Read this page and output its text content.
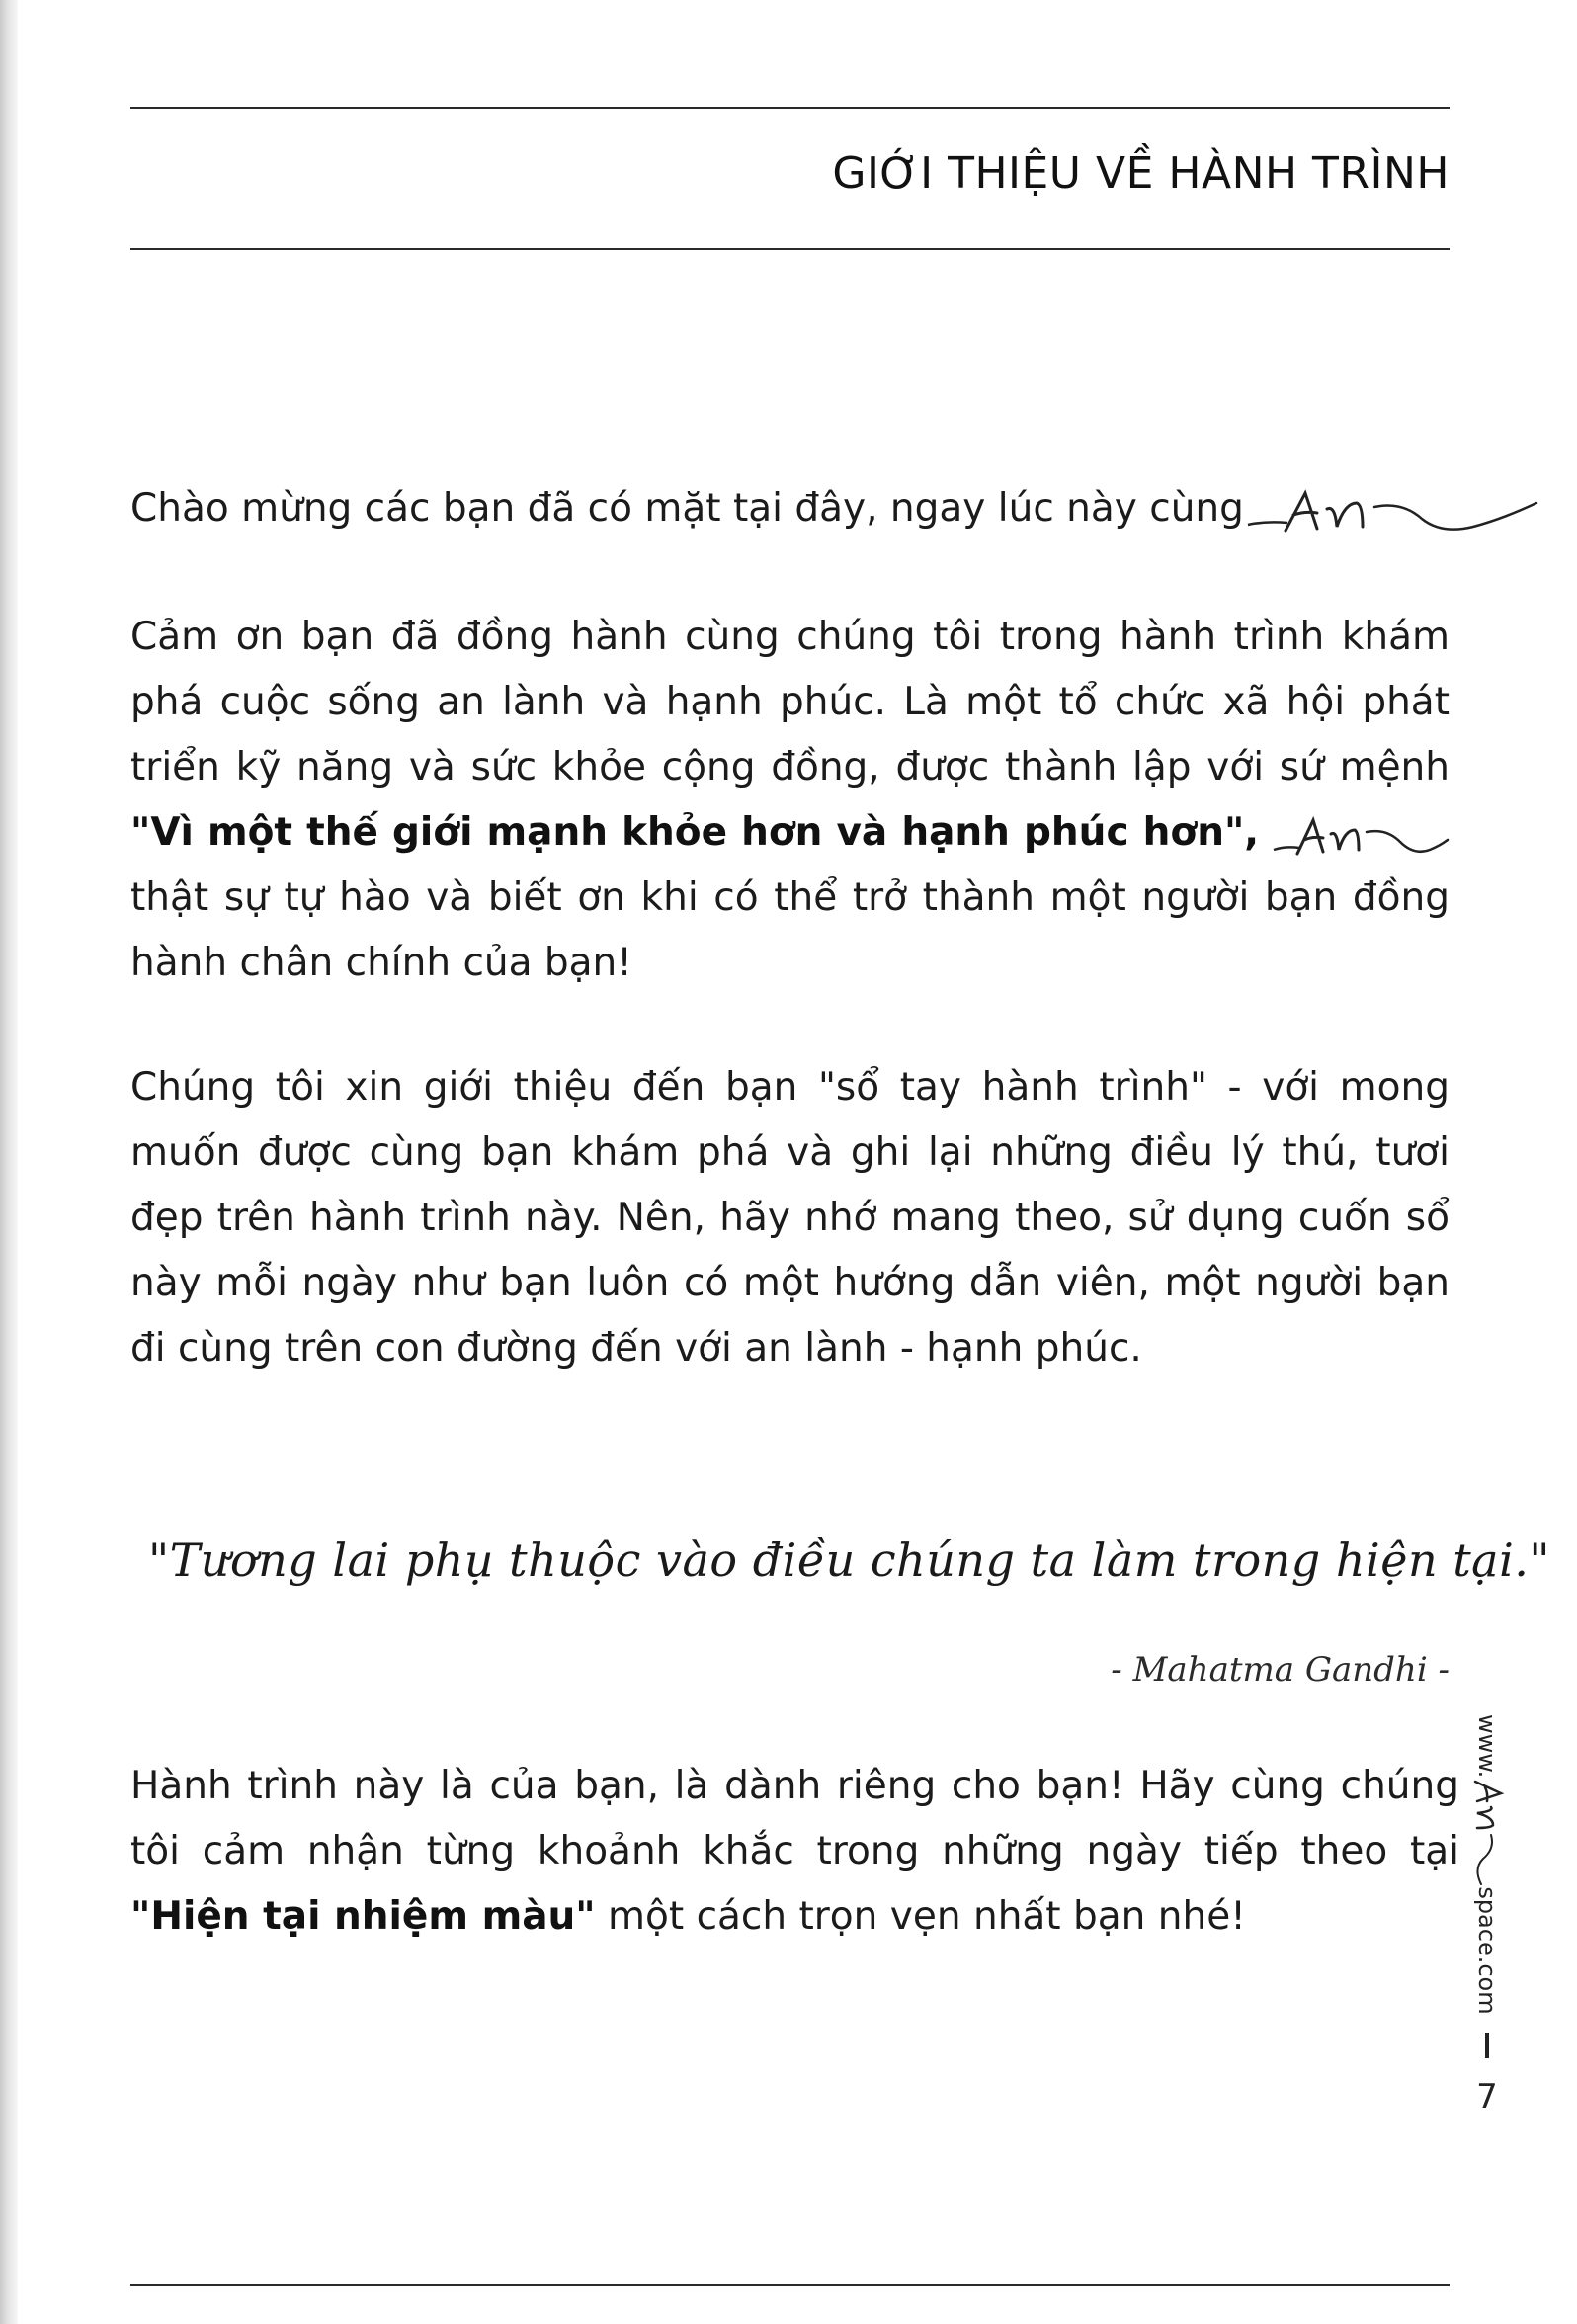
GIỚI THIỆU VỀ HÀNH TRÌNH

Chào mừng các bạn đã có mặt tại đây, ngay lúc này cùng

Cảm ơn bạn đã đồng hành cùng chúng tôi trong hành trình khám phá cuộc sống an lành và hạnh phúc. Là một tổ chức xã hội phát triển kỹ năng và sức khỏe cộng đồng, được thành lập với sứ mệnh "Vì một thế giới mạnh khỏe hơn và hạnh phúc hơn",
thật sự tự hào và biết ơn khi có thể trở thành một người bạn đồng hành chân chính của bạn!

Chúng tôi xin giới thiệu đến bạn "sổ tay hành trình" - với mong muốn được cùng bạn khám phá và ghi lại những điều lý thú, tươi đẹp trên hành trình này. Nên, hãy nhớ mang theo, sử dụng cuốn sổ này mỗi ngày như bạn luôn có một hướng dẫn viên, một người bạn đi cùng trên con đường đến với an lành - hạnh phúc.

"Tương lai phụ thuộc vào điều chúng ta làm trong hiện tại."

- Mahatma Gandhi -

Hành trình này là của bạn, là dành riêng cho bạn! Hãy cùng chúng tôi cảm nhận từng khoảnh khắc trong những ngày tiếp theo tại "Hiện tại nhiệm màu" một cách trọn vẹn nhất bạn nhé!

www.
space.com
7
